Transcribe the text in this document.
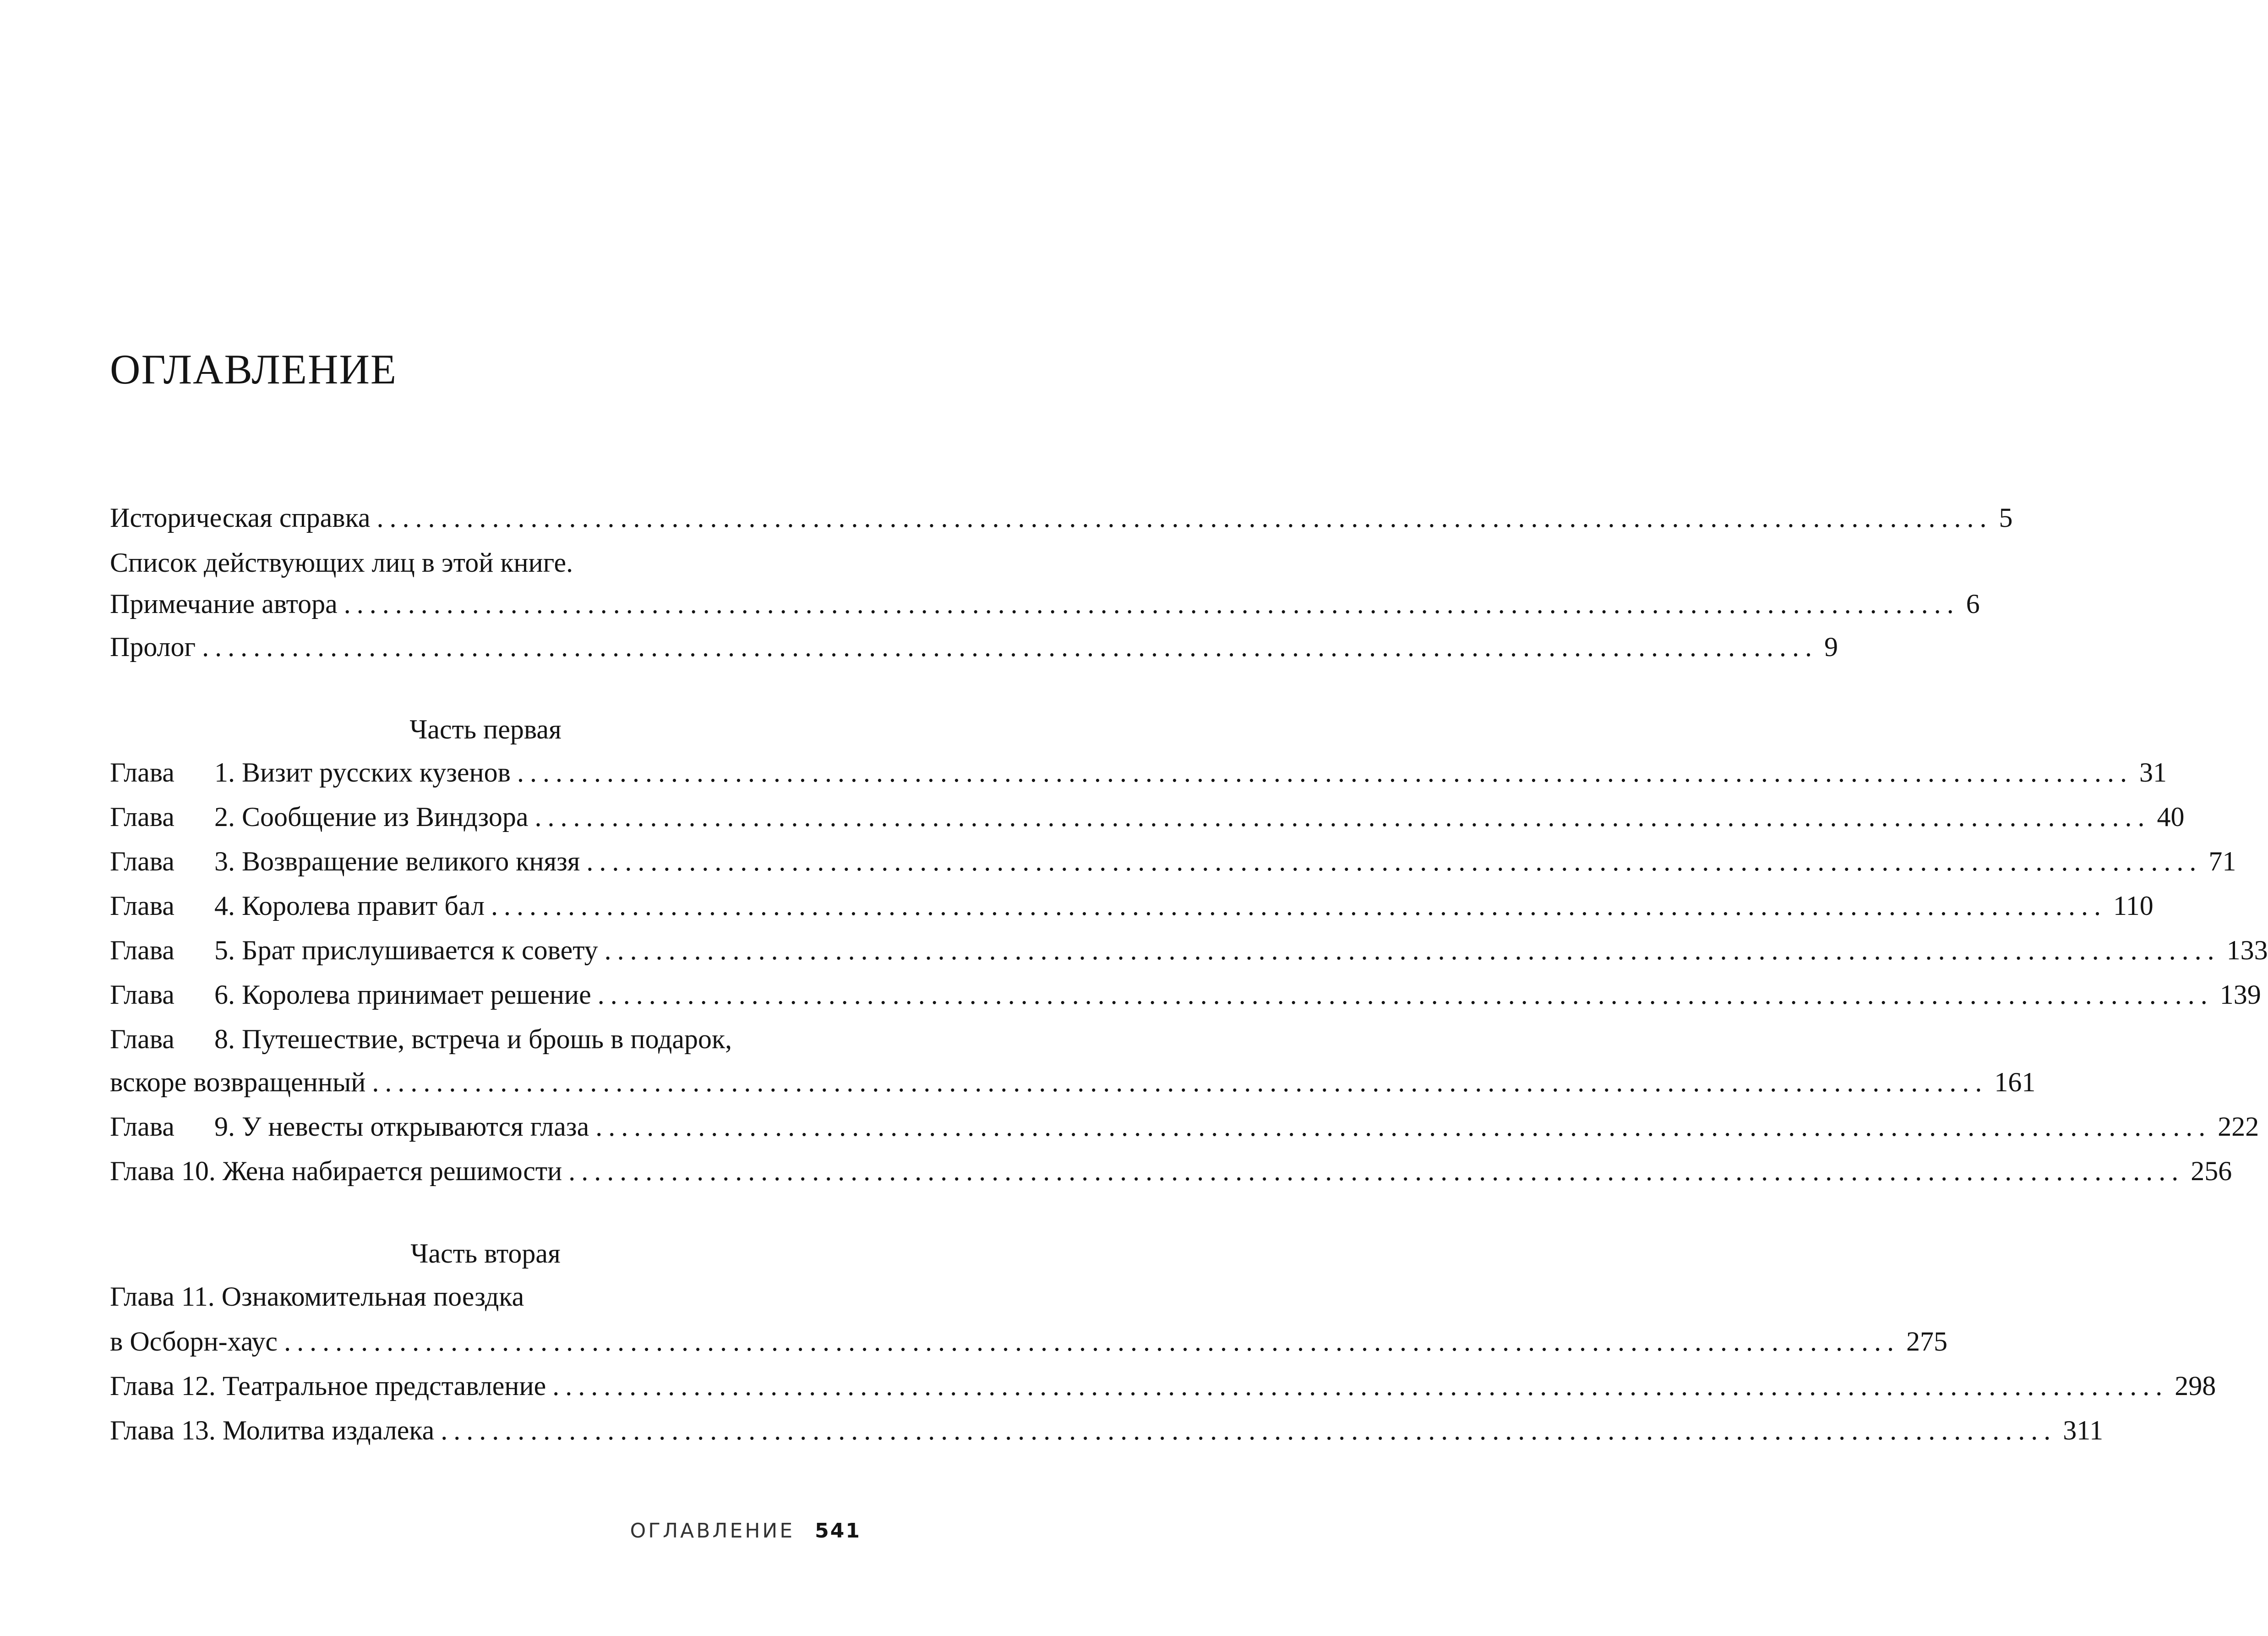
ОГЛАВЛЕНИЕ
Историческая справка .............................................................................................................................. 5
Список действующих лиц в этой книге.
Примечание автора .............................................................................................................................. 6
Пролог .............................................................................................................................. 9
Часть первая
Глава 1. Визит русских кузенов .............................................................................................................................. 31
Глава 2. Сообщение из Виндзора .............................................................................................................................. 40
Глава 3. Возвращение великого князя .............................................................................................................................. 71
Глава 4. Королева правит бал .............................................................................................................................. 110
Глава 5. Брат прислушивается к совету .............................................................................................................................. 133
Глава 6. Королева принимает решение .............................................................................................................................. 139
Глава 8. Путешествие, встреча и брошь в подарок,
вскоре возвращенный .............................................................................................................................. 161
Глава 9. У невесты открываются глаза .............................................................................................................................. 222
Глава 10. Жена набирается решимости .............................................................................................................................. 256
Часть вторая
Глава 11. Ознакомительная поездка
в Осборн-хаус .............................................................................................................................. 275
Глава 12. Театральное представление .............................................................................................................................. 298
Глава 13. Молитва издалека .............................................................................................................................. 311
ОГЛАВЛЕНИЕ 541
